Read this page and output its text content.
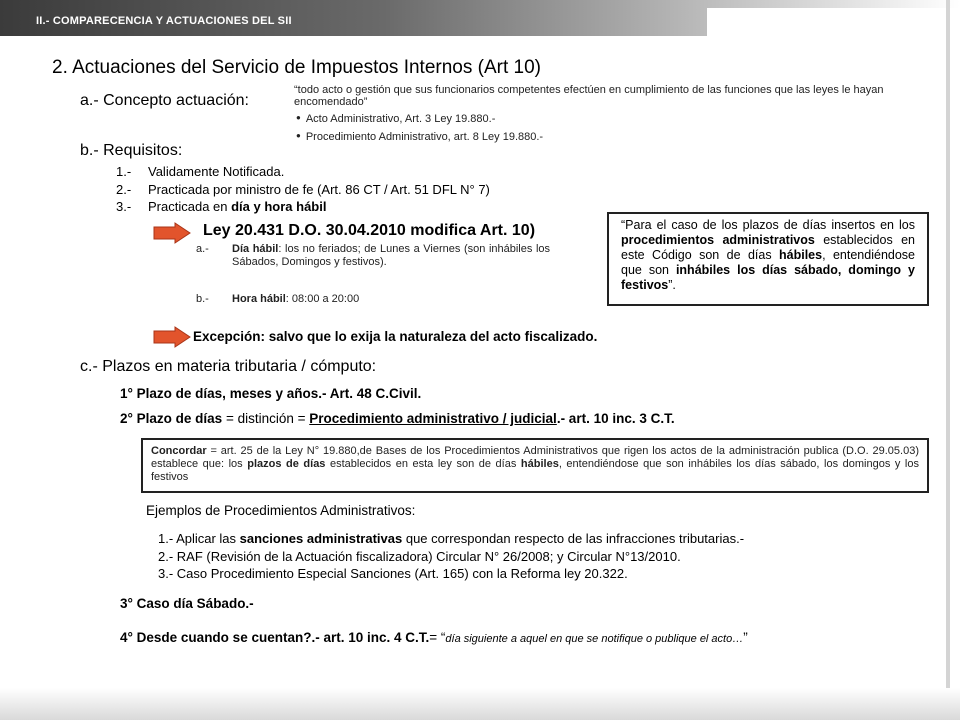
II.- COMPARECENCIA Y ACTUACIONES DEL SII
2. Actuaciones del Servicio de Impuestos Internos (Art 10)
a.- Concepto actuación:
“todo acto o gestión que sus funcionarios competentes efectúen en cumplimiento de las funciones que las leyes le hayan encomendado”
● Acto Administrativo, Art. 3 Ley 19.880.-
● Procedimiento Administrativo, art. 8 Ley 19.880.-
b.- Requisitos:
1.- Validamente Notificada.
2.- Practicada por ministro de fe (Art. 86 CT / Art. 51 DFL N° 7)
3.- Practicada en día y hora hábil
Ley 20.431 D.O. 30.04.2010 modifica Art. 10)
a.- Día hábil: los no feriados; de Lunes a Viernes (son inhábiles los Sábados, Domingos y festivos).
b.- Hora hábil: 08:00 a 20:00
“Para el caso de los plazos de días insertos en los procedimientos administrativos establecidos en este Código son de días hábiles, entendiéndose que son inhábiles los días sábado, domingo y festivos”.
Excepción: salvo que lo exija la naturaleza del acto fiscalizado.
c.- Plazos en materia tributaria / cómputo:
1° Plazo de días, meses y años.- Art. 48 C.Civil.
2° Plazo de días = distinción = Procedimiento administrativo / judicial.- art. 10 inc. 3 C.T.
Concordar = art. 25 de la Ley N° 19.880,de Bases de los Procedimientos Administrativos que rigen los actos de la administración publica (D.O. 29.05.03) establece que: los plazos de días establecidos en esta ley son de días hábiles, entendiéndose que son inhábiles los días sábado, los domingos y los festivos
Ejemplos de Procedimientos Administrativos:
1.- Aplicar las sanciones administrativas que correspondan respecto de las infracciones tributarias.-
2.- RAF (Revisión de la Actuación fiscalizadora) Circular N° 26/2008; y Circular N°13/2010.
3.- Caso Procedimiento Especial Sanciones (Art. 165) con la Reforma ley 20.322.
3° Caso día Sábado.-
4° Desde cuando se cuentan?.- art. 10 inc. 4 C.T.= “día siguiente a aquel en que se notifique o publique el acto…”
